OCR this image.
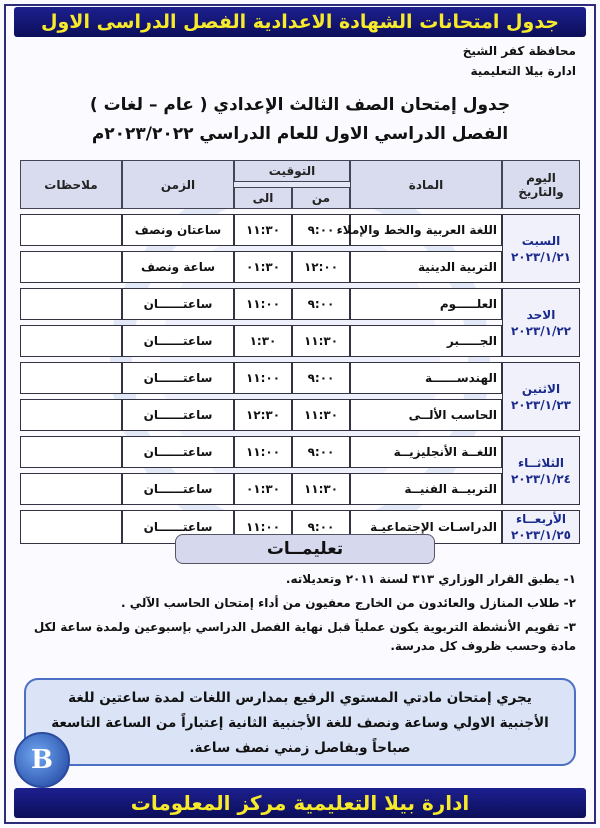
جدول امتحانات الشهادة الاعدادية الفصل الدراسى الاول
محافظة كفر الشيخ
ادارة بيلا التعليمية
جدول إمتحان الصف الثالث الإعدادي ( عام – لغات )
الفصل الدراسي الاول للعام الدراسي ٢٠٢٣/٢٠٢٢م
اليوم والتاريخ	المادة	التوقيت		الزمن	ملاحظات
		من	الى		

السبت
٢٠٢٣/١/٢١	اللغة العربية والخط والإملاء	٩:٠٠	١١:٣٠	ساعتان ونصف	
	التربية الدينية	١٢:٠٠	٠١:٣٠	ساعة ونصف	

الاحد
٢٠٢٣/١/٢٢	العلـــــوم	٩:٠٠	١١:٠٠	ساعتــــــان	
	الجـــــبر	١١:٣٠	١:٣٠	ساعتــــــان	

الاثنين
٢٠٢٣/١/٢٣	الهندســــــة	٩:٠٠	١١:٠٠	ساعتــــــان	
	الحاسب الألــى	١١:٣٠	١٢:٣٠	ساعتــــــان	

الثلاثــاء
٢٠٢٣/١/٢٤	اللغــة الأنجليزيــة	٩:٠٠	١١:٠٠	ساعتــــــان	
	التربيــة الفنيــة	١١:٣٠	٠١:٣٠	ساعتــــــان	

الأربعــاء
٢٠٢٣/١/٢٥	الدراسـات الإجتماعيـة	٩:٠٠	١١:٠٠	ساعتــــــان	
تعليمــات
١- يطبق القرار الوزاري ٣١٣ لسنة ٢٠١١ وتعديلاته.
٢- طلاب المنازل والعائدون من الخارج معفيون من أداء إمتحان الحاسب الآلي .
٣- تقويم الأنشطة التربوية يكون عملياً قبل نهاية الفصل الدراسي بإسبوعين ولمدة ساعة لكل مادة وحسب ظروف كل مدرسة.
يجري إمتحان مادتي المستوي الرفيع بمدارس اللغات لمدة ساعتين للغة الأجنبية الاولي وساعة ونصف للغة الأجنبية الثانية إعتباراً من الساعة التاسعة صباحاً وبفاصل زمني نصف ساعة.
B
ادارة بيلا التعليمية مركز المعلومات
